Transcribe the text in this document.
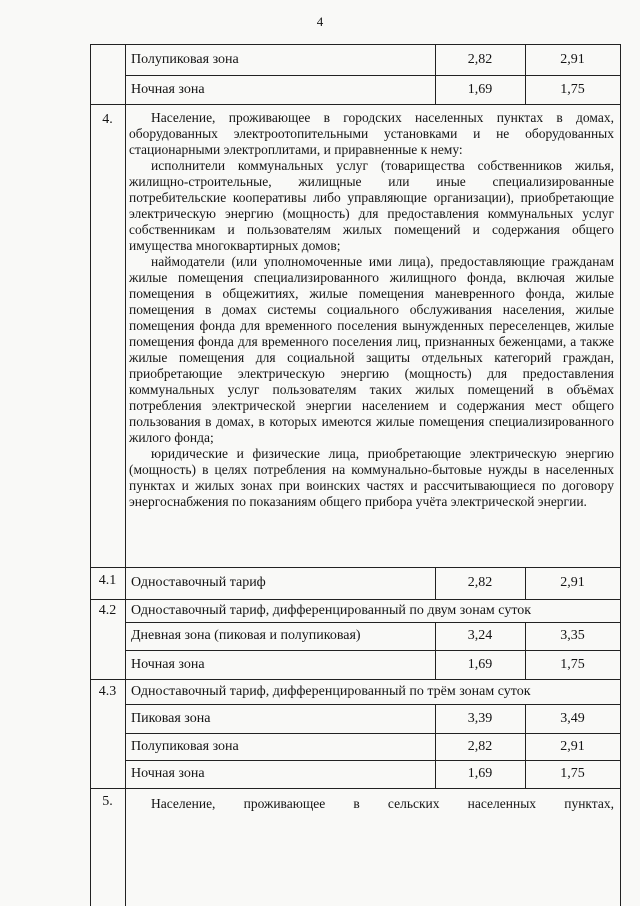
4
Полупиковая зона	2,82	2,91
Ночная зона	1,69	1,75
4.	Население, проживающее в городских населенных пунктах в домах, оборудованных электроотопительными установками и не оборудованных стационарными электроплитами, и приравненные к нему:

исполнители коммунальных услуг (товарищества собственников жилья, жилищно-строительные, жилищные или иные специализированные потребительские кооперативы либо управляющие организации), приобретающие электрическую энергию (мощность) для предоставления коммунальных услуг собственникам и пользователям жилых помещений и содержания общего имущества многоквартирных домов;

наймодатели (или уполномоченные ими лица), предоставляющие гражданам жилые помещения специализированного жилищного фонда, включая жилые помещения в общежитиях, жилые помещения маневренного фонда, жилые помещения в домах системы социального обслуживания населения, жилые помещения фонда для временного поселения вынужденных переселенцев, жилые помещения фонда для временного поселения лиц, признанных беженцами, а также жилые помещения для социальной защиты отдельных категорий граждан, приобретающие электрическую энергию (мощность) для предоставления коммунальных услуг пользователям таких жилых помещений в объёмах потребления электрической энергии населением и содержания мест общего пользования в домах, в которых имеются жилые помещения специализированного жилого фонда;

юридические и физические лица, приобретающие электрическую энергию (мощность) в целях потребления на коммунально-бытовые нужды в населенных пунктах и жилых зонах при воинских частях и рассчитывающиеся по договору энергоснабжения по показаниям общего прибора учёта электрической энергии.

4.1	Одноставочный тариф	2,82	2,91
4.2	Одноставочный тариф, дифференцированный по двум зонам суток
Дневная зона (пиковая и полупиковая)	3,24	3,35
Ночная зона	1,69	1,75
4.3	Одноставочный тариф, дифференцированный по трём зонам суток
Пиковая зона	3,39	3,49
Полупиковая зона	2,82	2,91
Ночная зона	1,69	1,75
5.	Население, проживающее в сельских населенных пунктах,
